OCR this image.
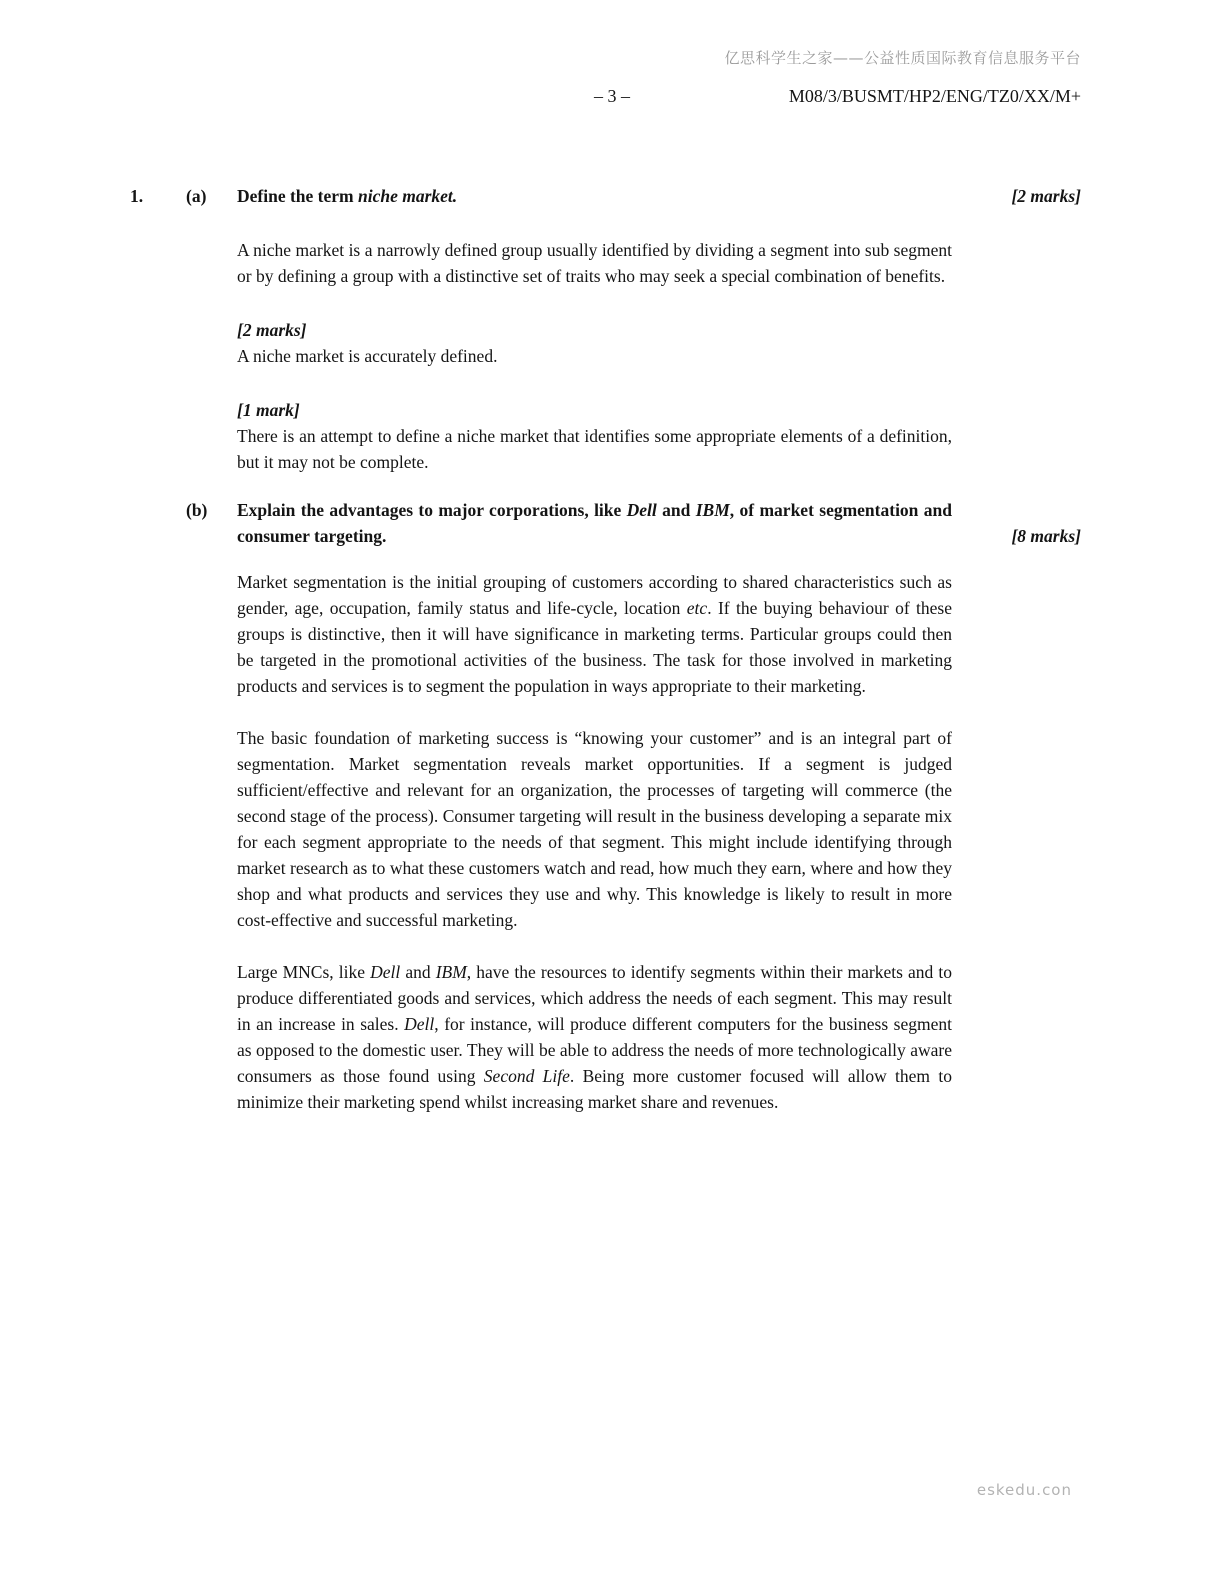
亿思科学生之家——公益性质国际教育信息服务平台
– 3 –	M08/3/BUSMT/HP2/ENG/TZ0/XX/M+
1.	(a)	Define the term niche market.	[2 marks]
A niche market is a narrowly defined group usually identified by dividing a segment into sub segment or by defining a group with a distinctive set of traits who may seek a special combination of benefits.
[2 marks]
A niche market is accurately defined.
[1 mark]
There is an attempt to define a niche market that identifies some appropriate elements of a definition, but it may not be complete.
(b)	Explain the advantages to major corporations, like Dell and IBM, of market segmentation and consumer targeting.	[8 marks]
Market segmentation is the initial grouping of customers according to shared characteristics such as gender, age, occupation, family status and life-cycle, location etc. If the buying behaviour of these groups is distinctive, then it will have significance in marketing terms. Particular groups could then be targeted in the promotional activities of the business. The task for those involved in marketing products and services is to segment the population in ways appropriate to their marketing.
The basic foundation of marketing success is “knowing your customer” and is an integral part of segmentation. Market segmentation reveals market opportunities. If a segment is judged sufficient/effective and relevant for an organization, the processes of targeting will commerce (the second stage of the process). Consumer targeting will result in the business developing a separate mix for each segment appropriate to the needs of that segment. This might include identifying through market research as to what these customers watch and read, how much they earn, where and how they shop and what products and services they use and why. This knowledge is likely to result in more cost-effective and successful marketing.
Large MNCs, like Dell and IBM, have the resources to identify segments within their markets and to produce differentiated goods and services, which address the needs of each segment. This may result in an increase in sales. Dell, for instance, will produce different computers for the business segment as opposed to the domestic user. They will be able to address the needs of more technologically aware consumers as those found using Second Life. Being more customer focused will allow them to minimize their marketing spend whilst increasing market share and revenues.
eskedu.con
